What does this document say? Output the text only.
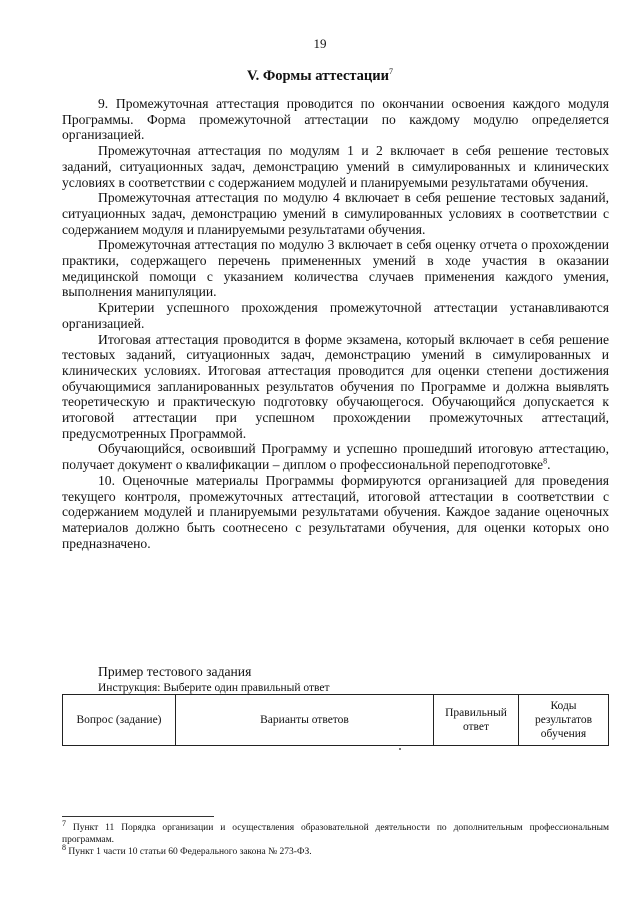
19
V. Формы аттестации$^7$

9. Промежуточная аттестация проводится по окончании освоения каждого модуля Программы. Форма промежуточной аттестации по каждому модулю определяется организацией.

Промежуточная аттестация по модулям 1 и 2 включает в себя решение тестовых заданий, ситуационных задач, демонстрацию умений в симулированных и клинических условиях в соответствии с содержанием модулей и планируемыми результатами обучения.

Промежуточная аттестация по модулю 4 включает в себя решение тестовых заданий, ситуационных задач, демонстрацию умений в симулированных условиях в соответствии с содержанием модуля и планируемыми результатами обучения.

Промежуточная аттестация по модулю 3 включает в себя оценку отчета о прохождении практики, содержащего перечень примененных умений в ходе участия в оказании медицинской помощи с указанием количества случаев применения каждого умения, выполнения манипуляции.

Критерии успешного прохождения промежуточной аттестации устанавливаются организацией.

Итоговая аттестация проводится в форме экзамена, который включает в себя решение тестовых заданий, ситуационных задач, демонстрацию умений в симулированных и клинических условиях. Итоговая аттестация проводится для оценки степени достижения обучающимися запланированных результатов обучения по Программе и должна выявлять теоретическую и практическую подготовку обучающегося. Обучающийся допускается к итоговой аттестации при успешном прохождении промежуточных аттестаций, предусмотренных Программой.

Обучающийся, освоивший Программу и успешно прошедший итоговую аттестацию, получает документ о квалификации – диплом о профессиональной переподготовке$^8$.

10. Оценочные материалы Программы формируются организацией для проведения текущего контроля, промежуточных аттестаций, итоговой аттестации в соответствии с содержанием модулей и планируемыми результатами обучения. Каждое задание оценочных материалов должно быть соотнесено с результатами обучения, для оценки которых оно предназначено.

Пример тестового задания
Инструкция: Выберите один правильный ответ
Вопрос (задание)	Варианты ответов	Правильный ответ	Коды результатов обучения

$^7$ Пункт 11 Порядка организации и осуществления образовательной деятельности по дополнительным профессиональным программам.

$^8$ Пункт 1 части 10 статьи 60 Федерального закона № 273-ФЗ.
